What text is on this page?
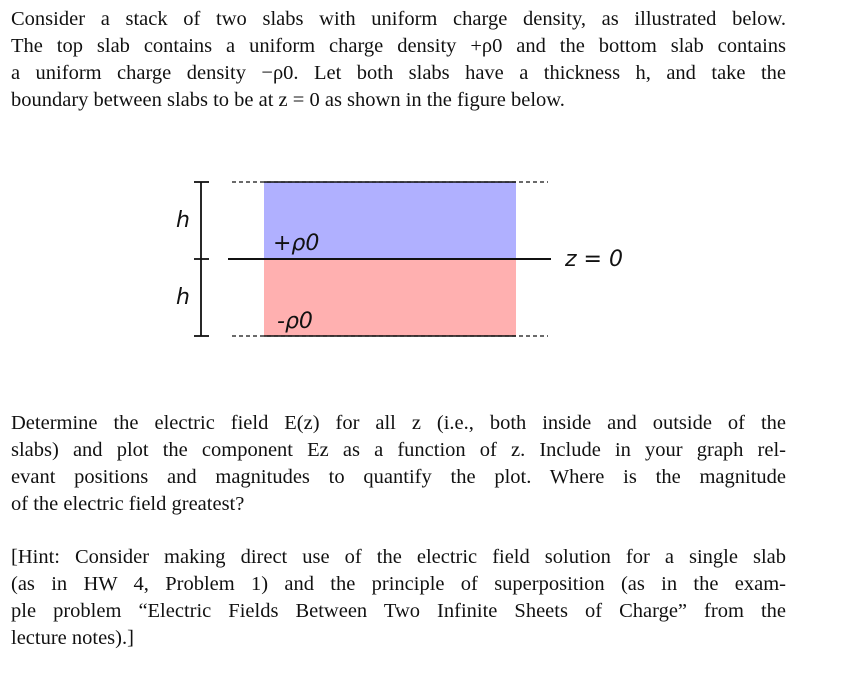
Consider a stack of two slabs with uniform charge density, as illustrated below.
The top slab contains a uniform charge density +ρ0 and the bottom slab contains
a uniform charge density −ρ0. Let both slabs have a thickness h, and take the
boundary between slabs to be at z = 0 as shown in the figure below.
h
h
+ρ0
-ρ0
z = 0
Determine the electric field E(z) for all z (i.e., both inside and outside of the
slabs) and plot the component Ez as a function of z. Include in your graph rel-
evant positions and magnitudes to quantify the plot. Where is the magnitude
of the electric field greatest?
[Hint: Consider making direct use of the electric field solution for a single slab
(as in HW 4, Problem 1) and the principle of superposition (as in the exam-
ple problem “Electric Fields Between Two Infinite Sheets of Charge” from the
lecture notes).]
